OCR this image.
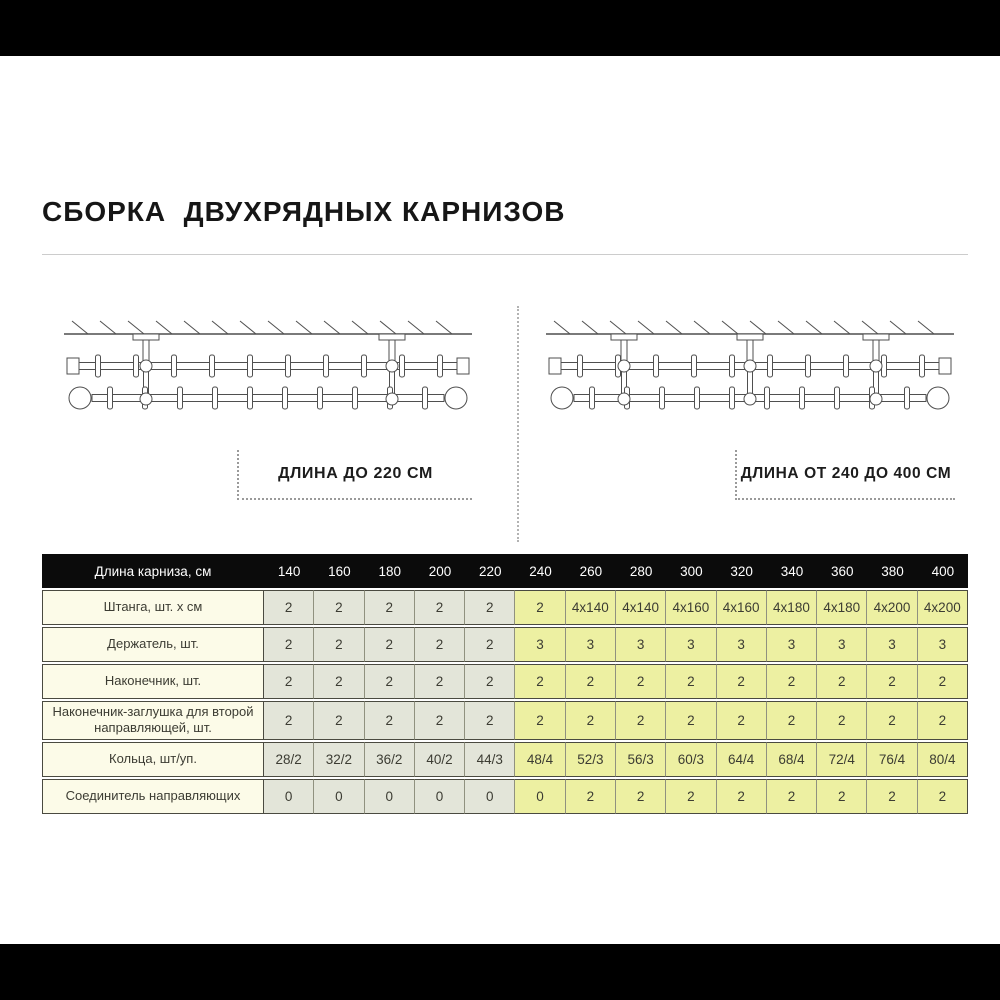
СБОРКА  ДВУХРЯДНЫХ КАРНИЗОВ
ДЛИНА ДО 220 СМ	ДЛИНА ОТ 240 ДО 400 СМ
Длина карниза, см	140	160	180	200	220	240	260	280	300	320	340	360	380	400
Штанга, шт. х см	2	2	2	2	2	2	4x140	4x140	4x160	4x160	4x180	4x180	4x200	4x200
Держатель, шт.	2	2	2	2	2	3	3	3	3	3	3	3	3	3
Наконечник, шт.	2	2	2	2	2	2	2	2	2	2	2	2	2	2
Наконечник-заглушка для второй направляющей, шт.	2	2	2	2	2	2	2	2	2	2	2	2	2	2
Кольца, шт/уп.	28/2	32/2	36/2	40/2	44/3	48/4	52/3	56/3	60/3	64/4	68/4	72/4	76/4	80/4
Соединитель направляющих	0	0	0	0	0	0	2	2	2	2	2	2	2	2
